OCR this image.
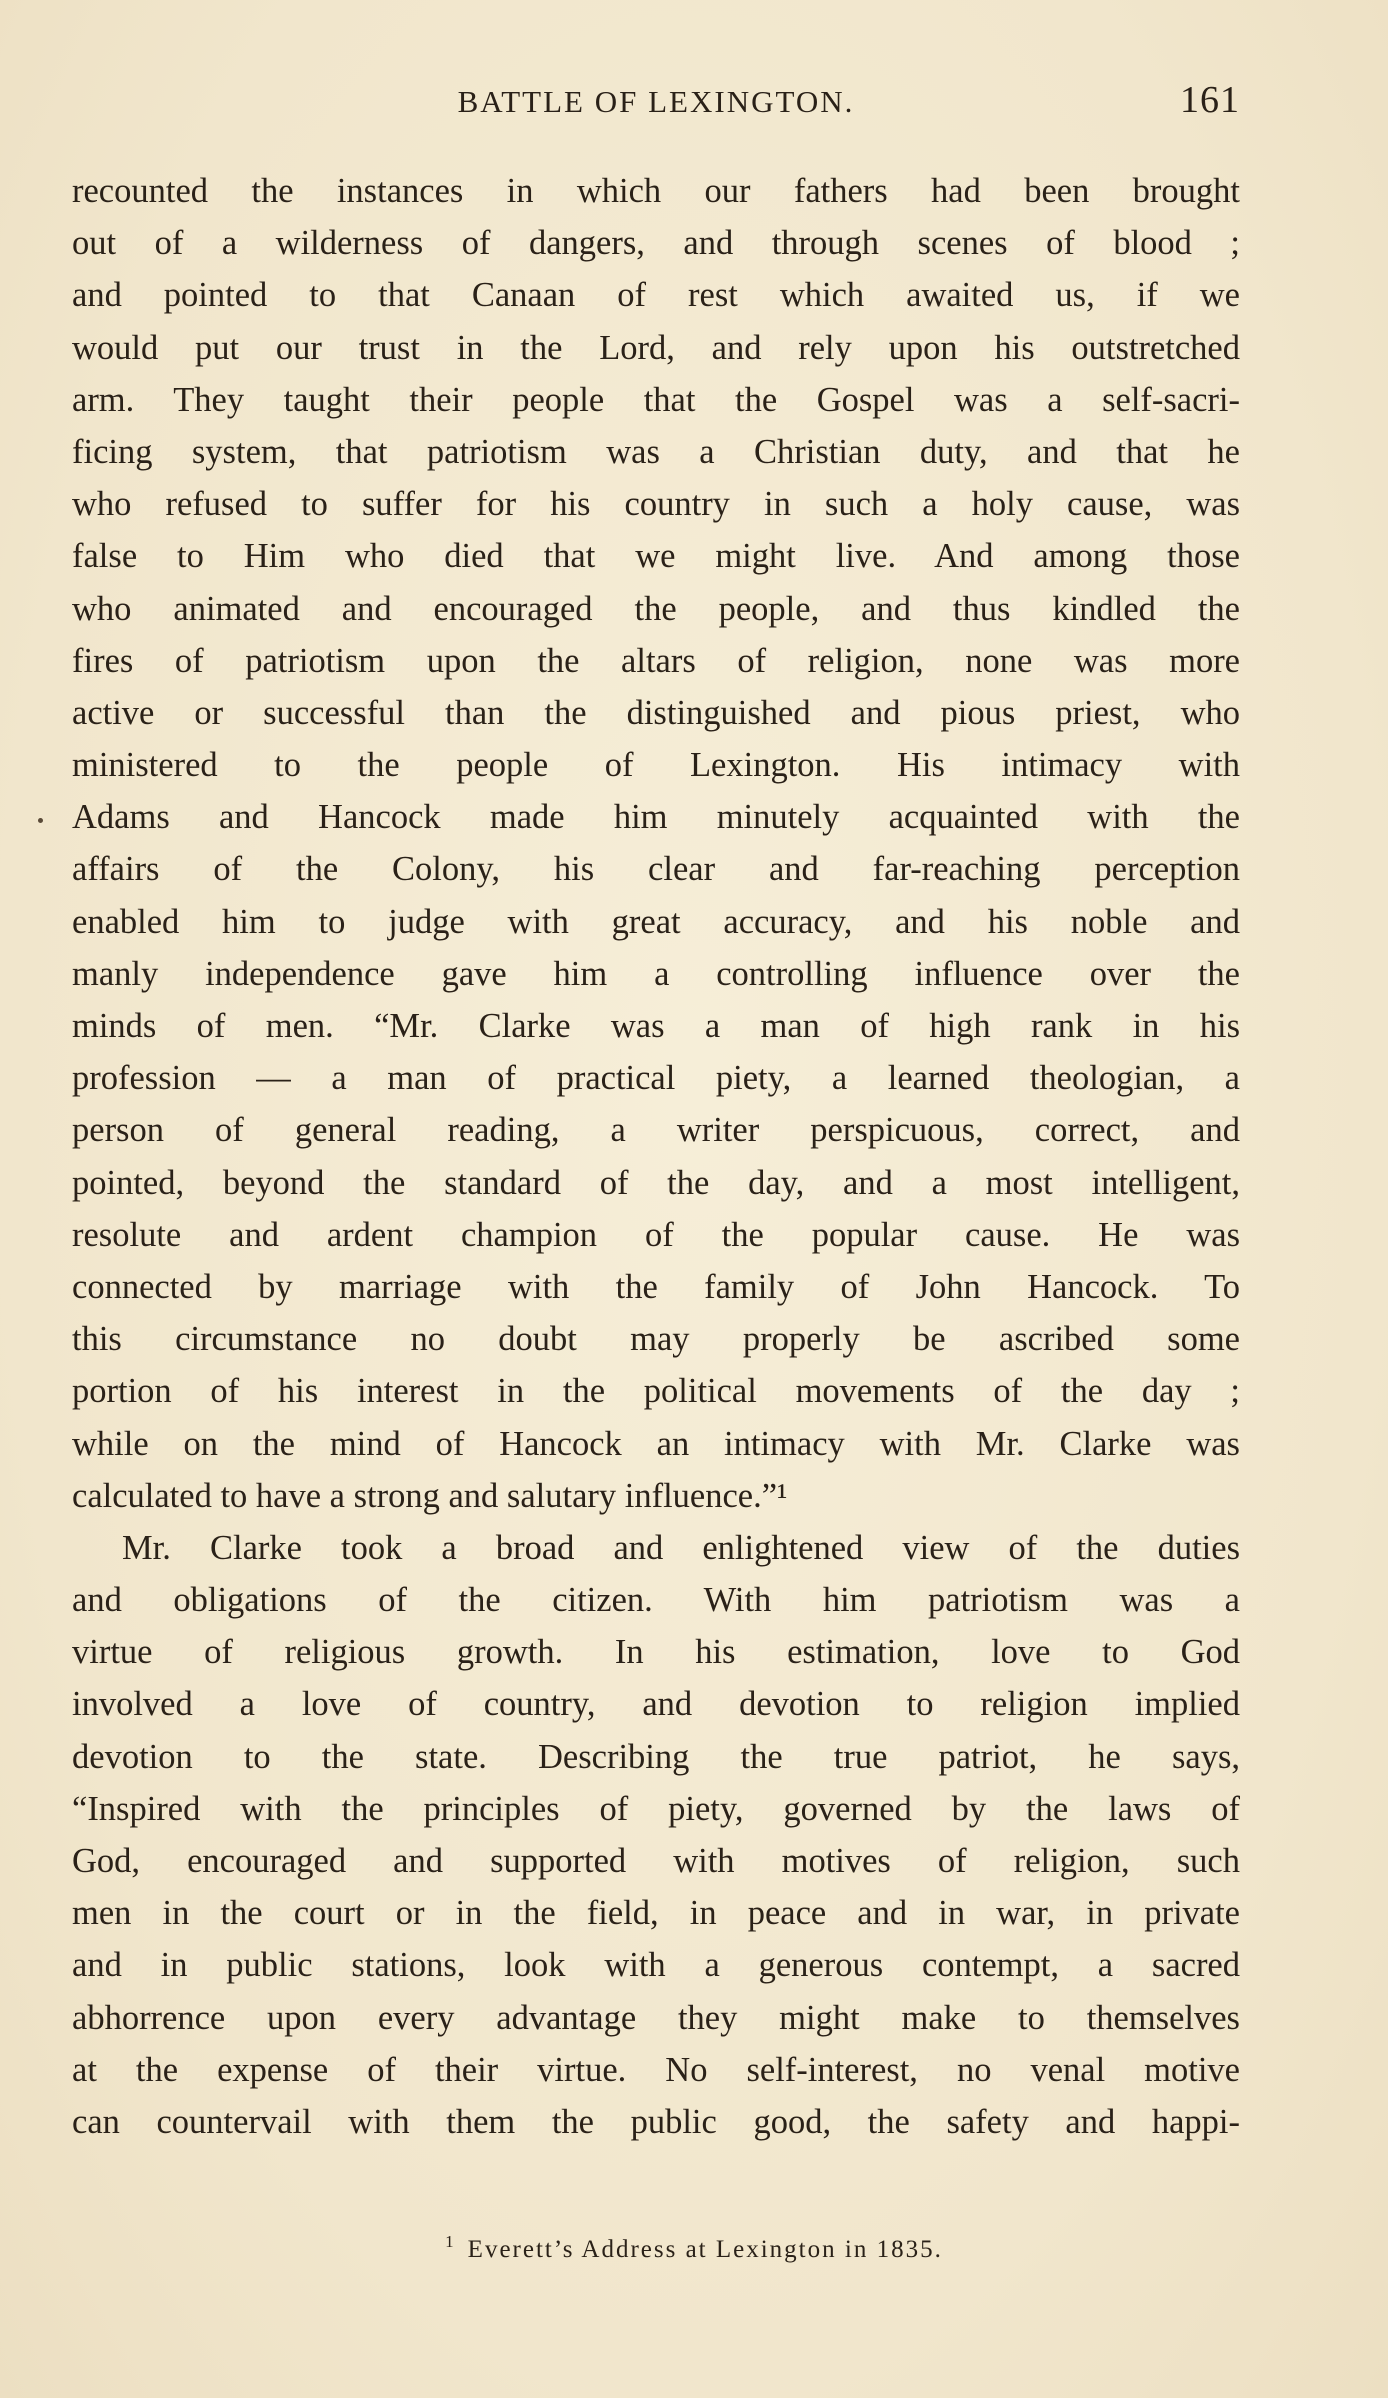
BATTLE OF LEXINGTON.	161
recounted the instances in which our fathers had been brought
out of a wilderness of dangers, and through scenes of blood ;
and pointed to that Canaan of rest which awaited us, if we
would put our trust in the Lord, and rely upon his outstretched
arm. They taught their people that the Gospel was a self-sacri-
ficing system, that patriotism was a Christian duty, and that he
who refused to suffer for his country in such a holy cause, was
false to Him who died that we might live. And among those
who animated and encouraged the people, and thus kindled the
fires of patriotism upon the altars of religion, none was more
active or successful than the distinguished and pious priest, who
ministered to the people of Lexington. His intimacy with
Adams and Hancock made him minutely acquainted with the
affairs of the Colony, his clear and far-reaching perception
enabled him to judge with great accuracy, and his noble and
manly independence gave him a controlling influence over the
minds of men. “Mr. Clarke was a man of high rank in his
profession — a man of practical piety, a learned theologian, a
person of general reading, a writer perspicuous, correct, and
pointed, beyond the standard of the day, and a most intelligent,
resolute and ardent champion of the popular cause. He was
connected by marriage with the family of John Hancock. To
this circumstance no doubt may properly be ascribed some
portion of his interest in the political movements of the day ;
while on the mind of Hancock an intimacy with Mr. Clarke was
calculated to have a strong and salutary influence.”¹
Mr. Clarke took a broad and enlightened view of the duties
and obligations of the citizen. With him patriotism was a
virtue of religious growth. In his estimation, love to God
involved a love of country, and devotion to religion implied
devotion to the state. Describing the true patriot, he says,
“Inspired with the principles of piety, governed by the laws of
God, encouraged and supported with motives of religion, such
men in the court or in the field, in peace and in war, in private
and in public stations, look with a generous contempt, a sacred
abhorrence upon every advantage they might make to themselves
at the expense of their virtue. No self-interest, no venal motive
can countervail with them the public good, the safety and happi-
$^1$ Everett’s Address at Lexington in 1835.
